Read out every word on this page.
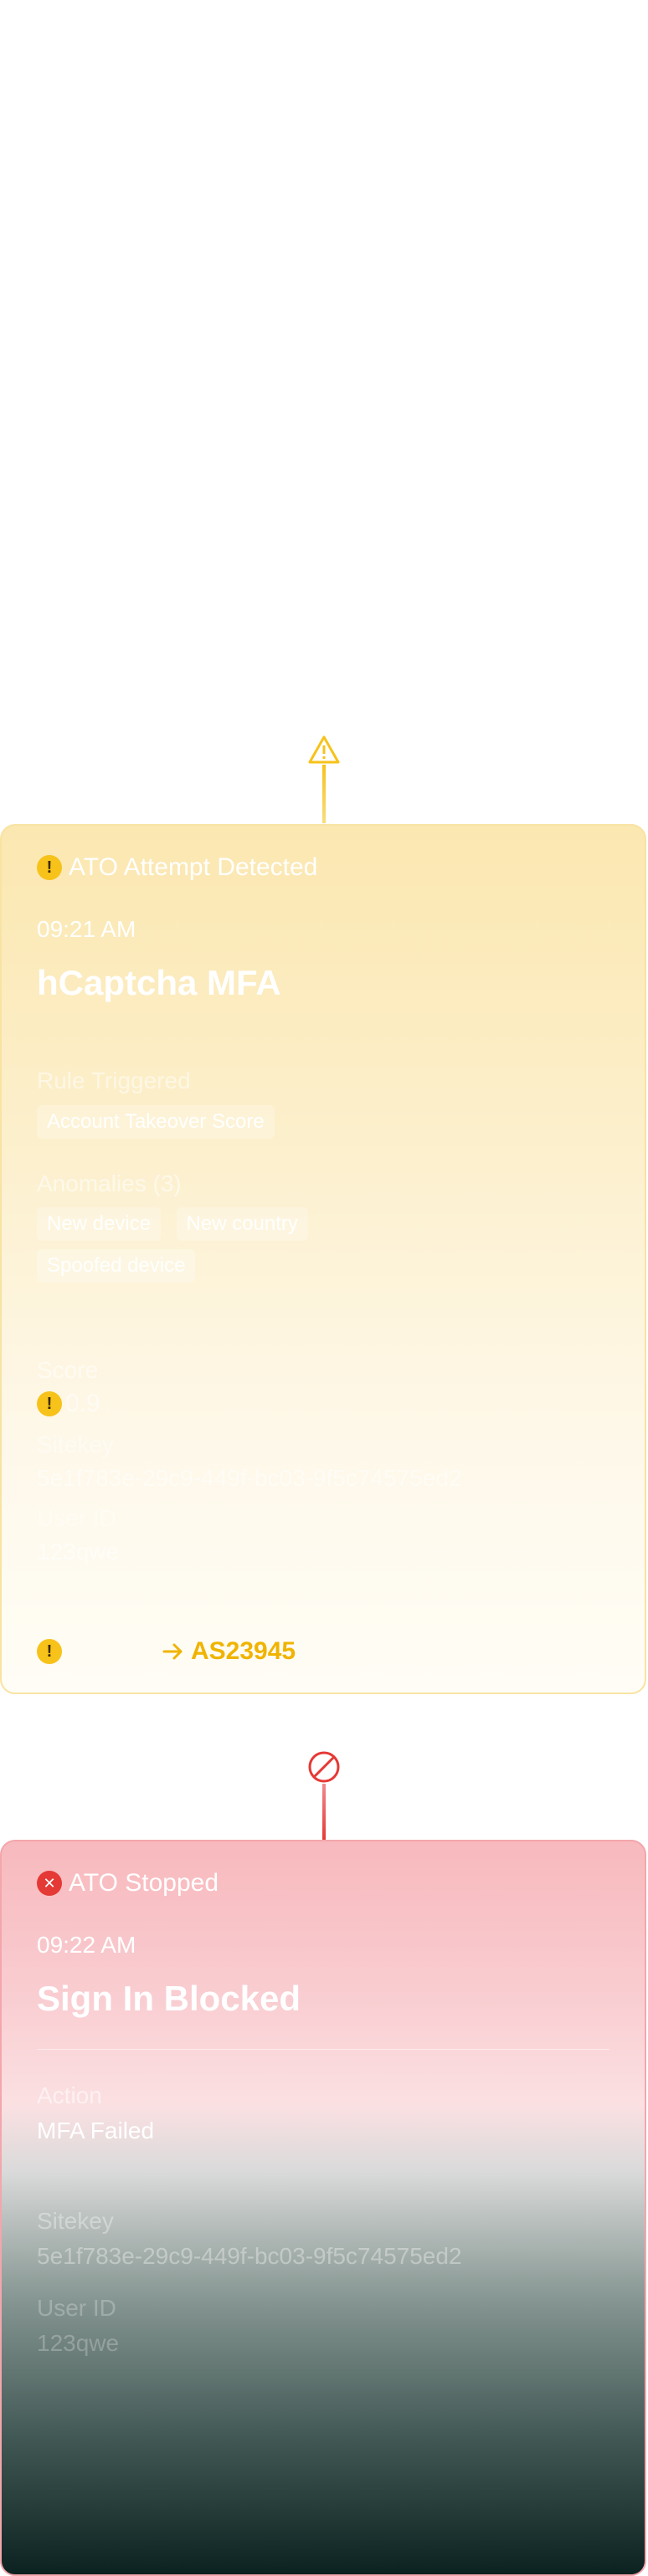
! ATO Attempt Detected
09:21 AM
hCaptcha MFA
Rule Triggered
Account Takeover Score
Anomalies (3)
New device New country
Spoofed device
Score
! 0.9
Sitekey
5e1f783e-29c9-449f-bc03-9f5c74575ed2
User ID
123qwe
!	AS23945
✕ ATO Stopped
09:22 AM
Sign In Blocked
Action
MFA Failed
Sitekey
5e1f783e-29c9-449f-bc03-9f5c74575ed2
User ID
123qwe
